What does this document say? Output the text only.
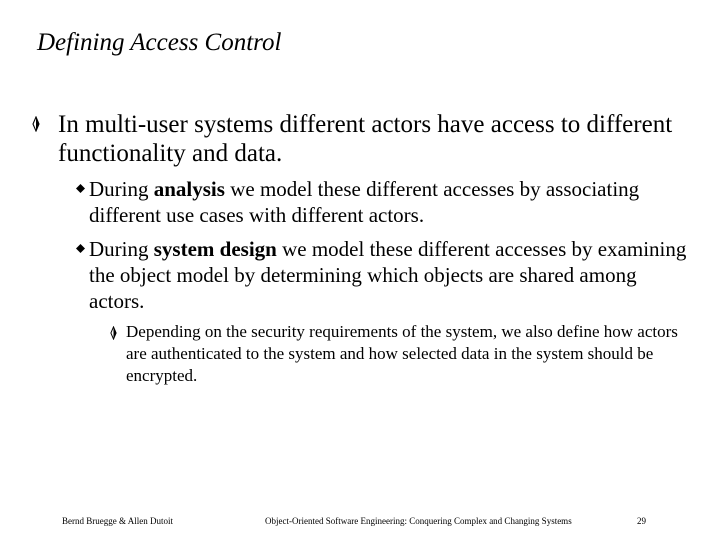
Defining Access Control
In multi-user systems different actors have access to different functionality and data.
During analysis we model these different accesses by associating different use cases with different actors.
During system design we model these different accesses by examining the object model by determining which objects are shared among actors.
Depending on the security requirements of the system, we also define how actors are authenticated to the system and how selected data in the system should be encrypted.
Bernd Bruegge & Allen Dutoit	Object-Oriented Software Engineering: Conquering Complex and Changing Systems	29
